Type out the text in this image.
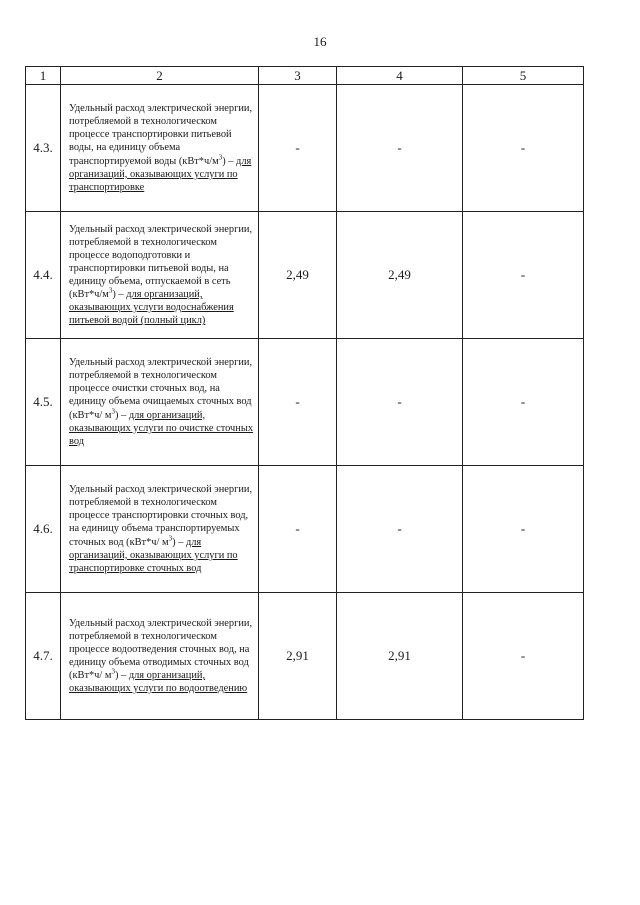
16
1	2	3	4	5
4.3.	Удельный расход электрической энергии, потребляемой в технологическом процессе транспортировки питьевой воды, на единицу объема транспортируемой воды $(кВт*ч/м^3)$ – для организаций, оказывающих услуги по транспортировке	-	-	-
4.4.	Удельный расход электрической энергии, потребляемой в технологическом процессе водоподготовки и транспортировки питьевой воды, на единицу объема, отпускаемой в сеть $(кВт*ч/м^3)$ – для организаций, оказывающих услуги водоснабжения питьевой водой (полный цикл)	2,49	2,49	-
4.5.	Удельный расход электрической энергии, потребляемой в технологическом процессе очистки сточных вод, на единицу объема очищаемых сточных вод (кВт*ч/ $м^3$) – для организаций, оказывающих услуги по очистке сточных вод	-	-	-
4.6.	Удельный расход электрической энергии, потребляемой в технологическом процессе транспортировки сточных вод, на единицу объема транспортируемых сточных вод (кВт*ч/ $м^3$) – для организаций, оказывающих услуги по транспортировке сточных вод	-	-	-
4.7.	Удельный расход электрической энергии, потребляемой в технологическом процессе водоотведения сточных вод, на единицу объема отводимых сточных вод (кВт*ч/ $м^3$) – для организаций, оказывающих услуги по водоотведению	2,91	2,91	-
